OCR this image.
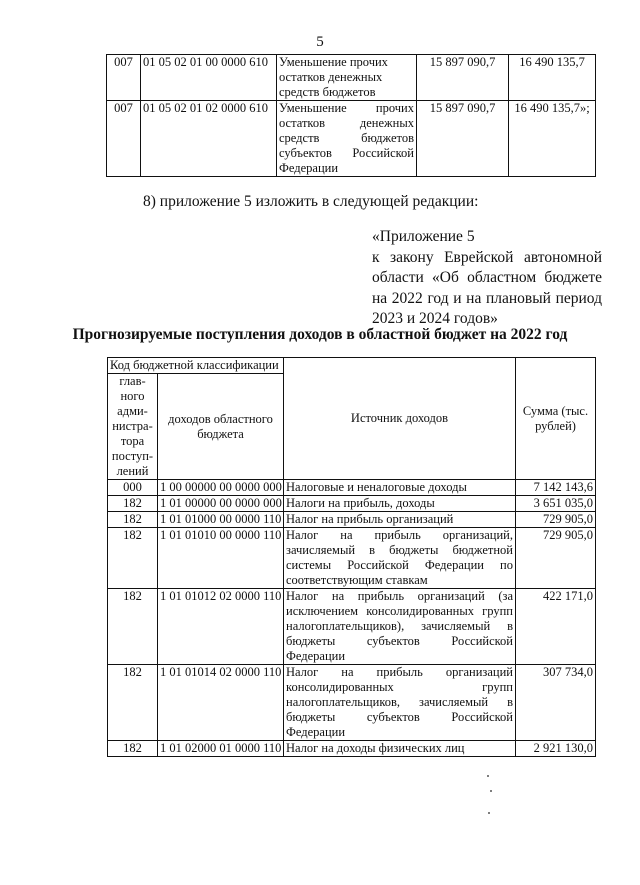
5
007	01 05 02 01 00 0000 610	Уменьшение прочих остатков денежных средств бюджетов	15 897 090,7	16 490 135,7
007	01 05 02 01 02 0000 610	Уменьшение прочих остатков денежных средств бюджетов субъектов Российской Федерации	15 897 090,7	16 490 135,7»;
8) приложение 5 изложить в следующей редакции:
«Приложение 5
к закону Еврейской автономной области «Об областном бюджете на 2022 год и на плановый период 2023 и 2024 годов»
Прогнозируемые поступления доходов в областной бюджет на 2022 год
Код бюджетной классификации		Источник доходов	Сумма (тыс. рублей)
глав-ного адми-нистра-тора поступ-лений	доходов областного бюджета		
000	1 00 00000 00 0000 000	Налоговые и неналоговые доходы	7 142 143,6
182	1 01 00000 00 0000 000	Налоги на прибыль, доходы	3 651 035,0
182	1 01 01000 00 0000 110	Налог на прибыль организаций	729 905,0
182	1 01 01010 00 0000 110	Налог на прибыль организаций, зачисляемый в бюджеты бюджетной системы Российской Федерации по соответствующим ставкам	729 905,0
182	1 01 01012 02 0000 110	Налог на прибыль организаций (за исключением консолидированных групп налогоплательщиков), зачисляемый в бюджеты субъектов Российской Федерации	422 171,0
182	1 01 01014 02 0000 110	Налог на прибыль организаций консолидированных групп налогоплательщиков, зачисляемый в бюджеты субъектов Российской Федерации	307 734,0
182	1 01 02000 01 0000 110	Налог на доходы физических лиц	2 921 130,0
